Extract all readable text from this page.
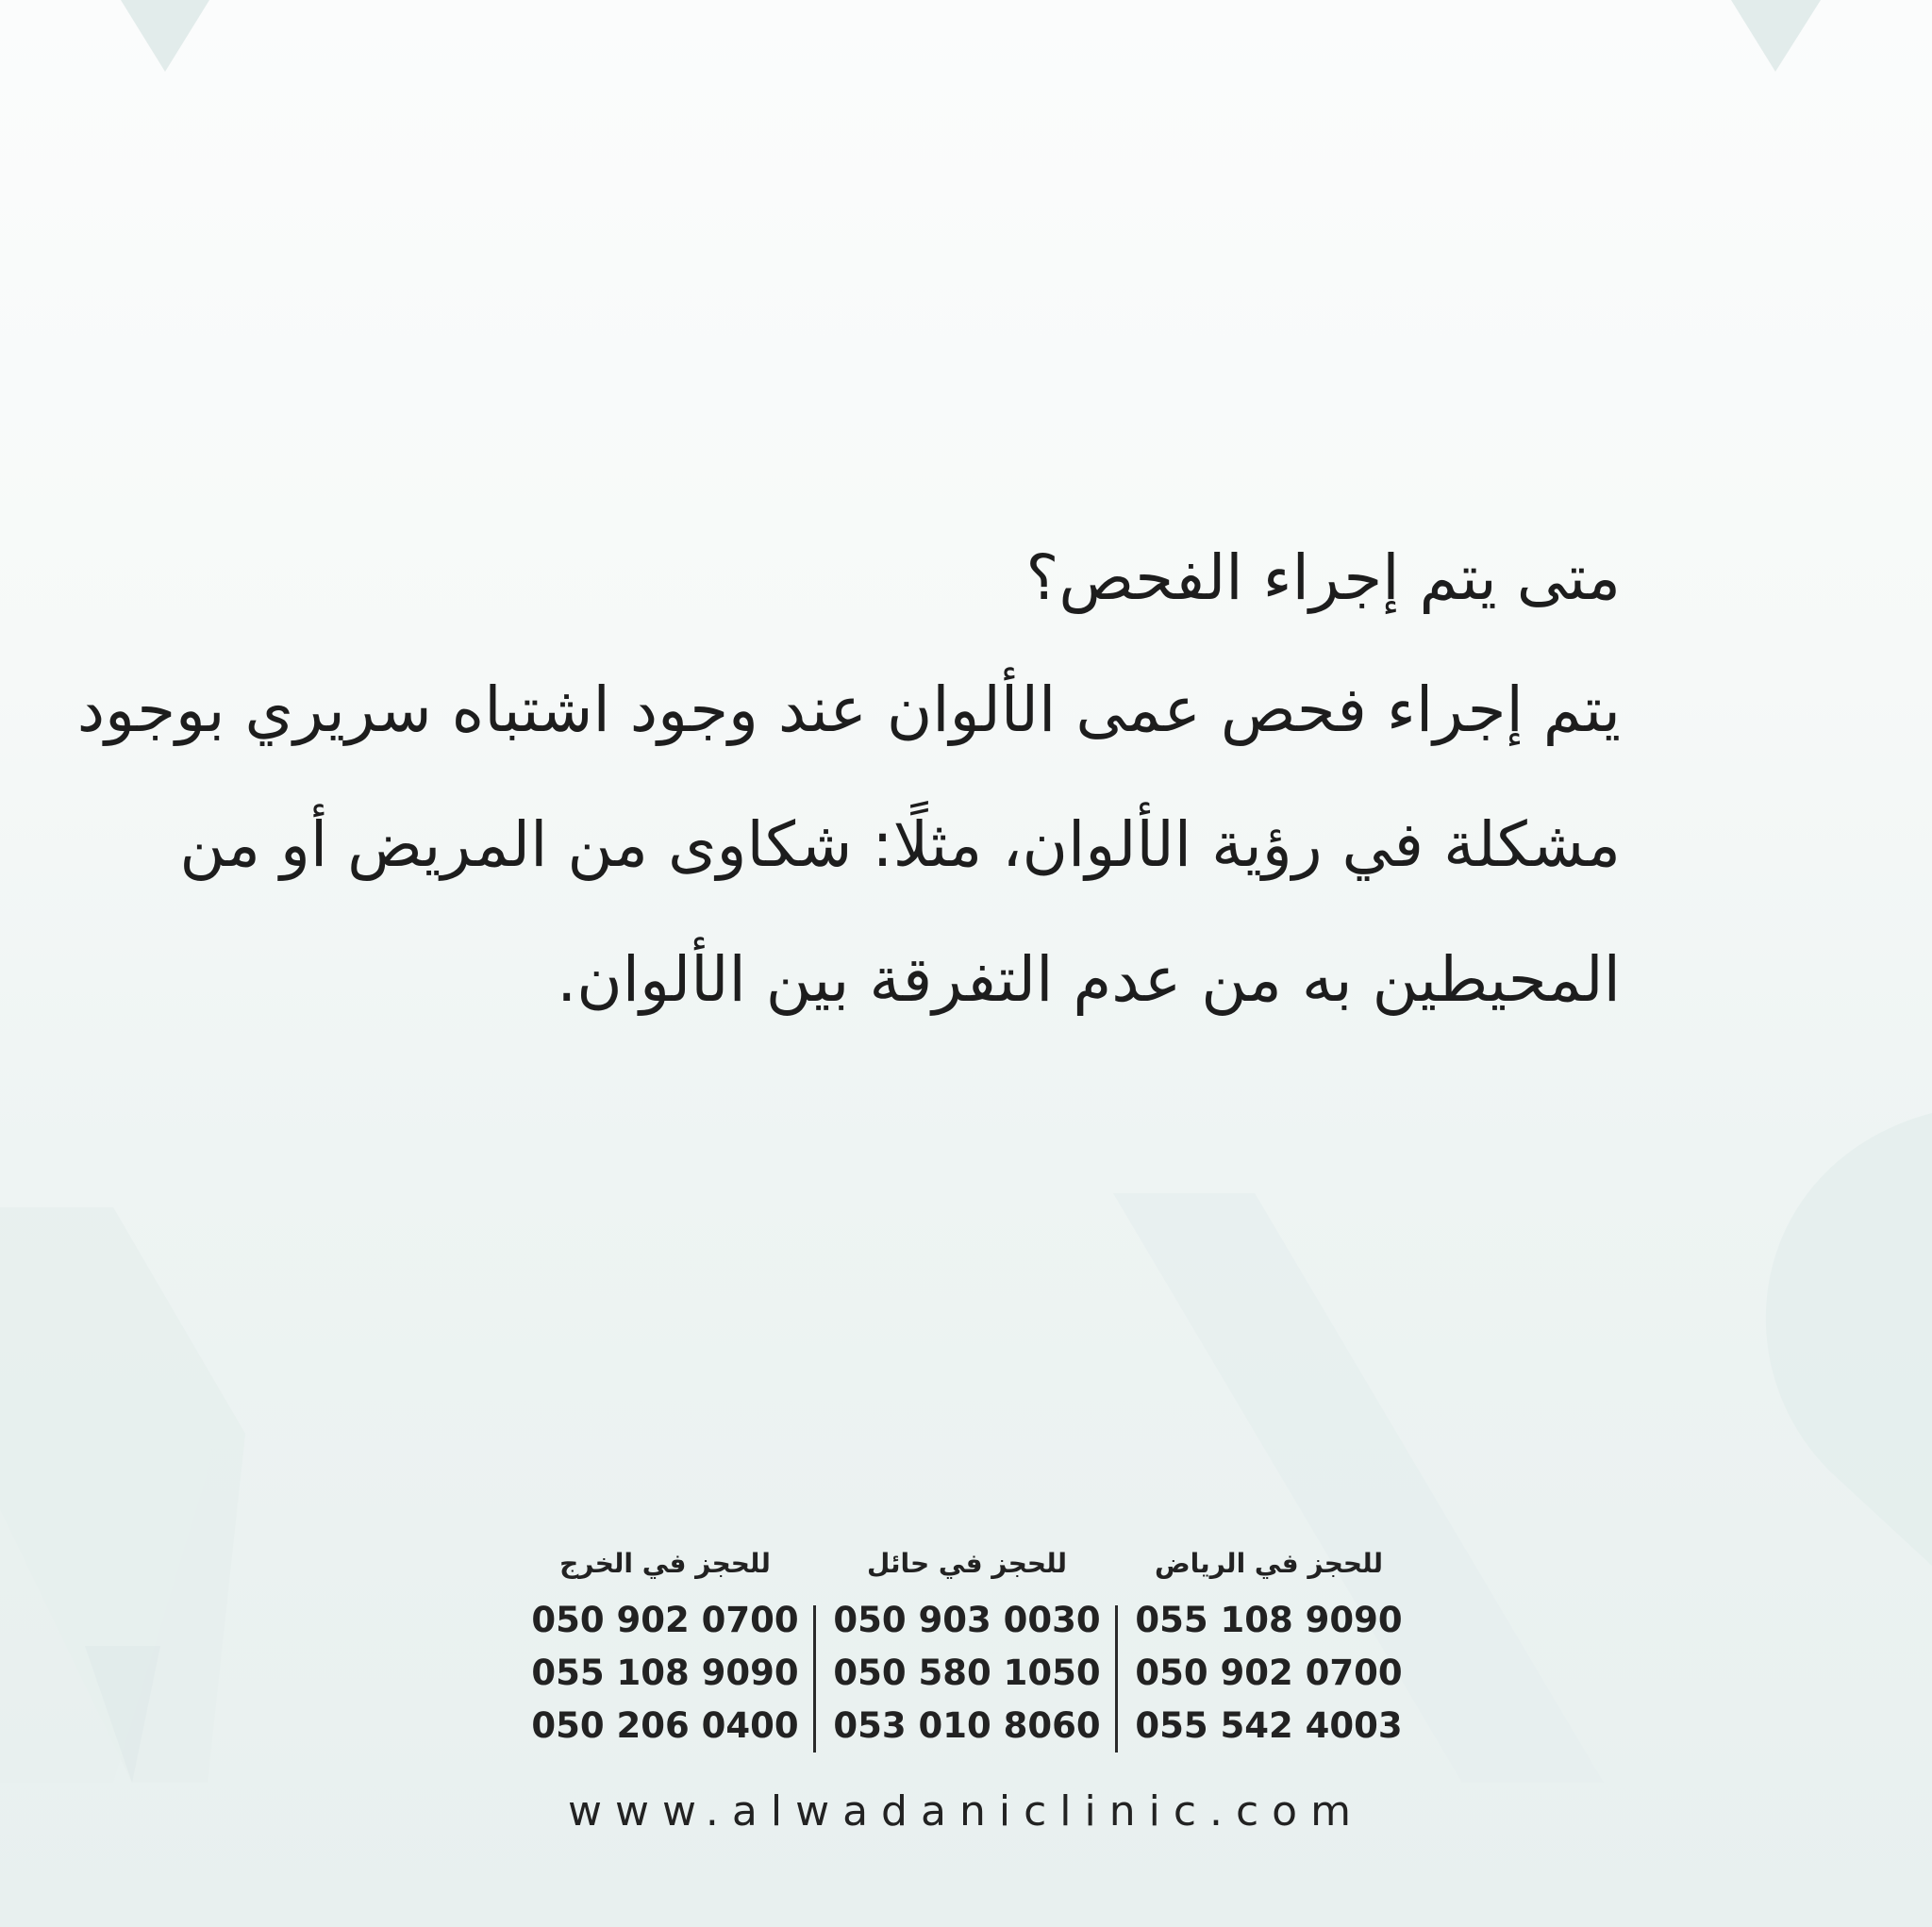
متى يتم إجراء الفحص؟
يتم إجراء فحص عمى الألوان عند وجود اشتباه سريري بوجود مشكلة في رؤية الألوان، مثلًا: شكاوى من المريض أو من المحيطين به من عدم التفرقة بين الألوان.
للحجز في الرياض
055 108 9090
050 902 0700
055 542 4003
للحجز في حائل
050 903 0030
050 580 1050
053 010 8060
للحجز في الخرج
050 902 0700
055 108 9090
050 206 0400
www.alwadaniclinic.com
